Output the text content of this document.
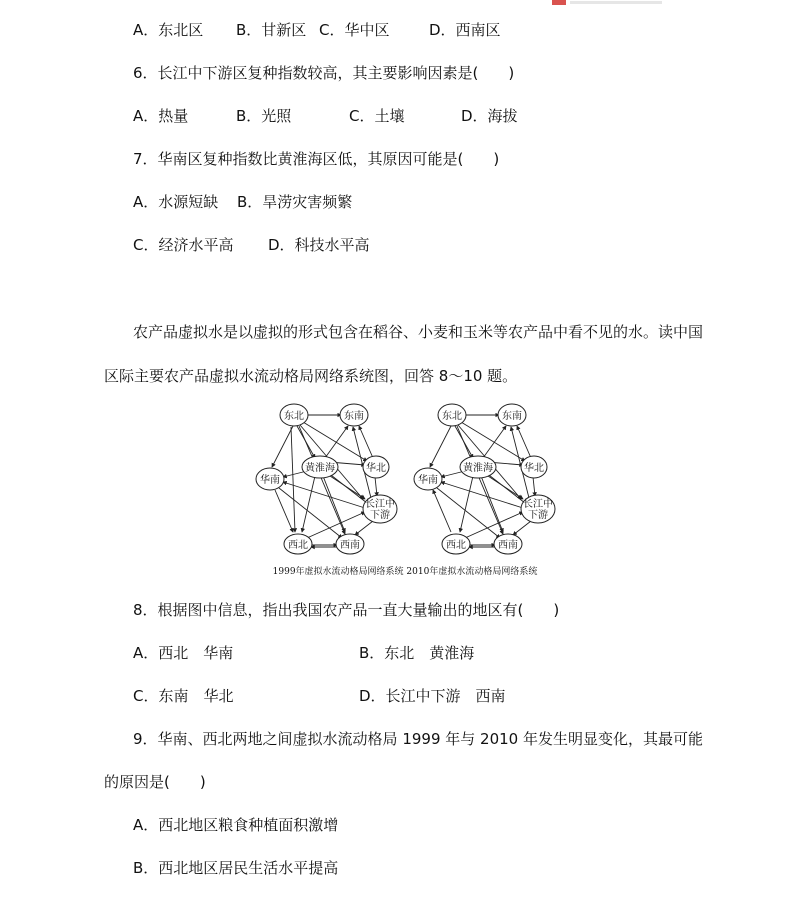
A．东北区 B．甘新区 C．华中区	D．西南区
6．长江中下游区复种指数较高，其主要影响因素是(　　)
A．热量	B．光照	C．土壤	D．海拔
7．华南区复种指数比黄淮海区低，其原因可能是(　　)
A．水源短缺 B．旱涝灾害频繁
C．经济水平高 D．科技水平高
农产品虚拟水是以虚拟的形式包含在稻谷、小麦和玉米等农产品中看不见的水。读中国
区际主要农产品虚拟水流动格局网络系统图，回答 8～10 题。
东北	东南
黄淮海	华北
华南
长江中
下游
西北	西南
东北	东南
黄淮海	华北
华南
长江中
下游
西北	西南
1999年虚拟水流动格局网络系统 2010年虚拟水流动格局网络系统
8．根据图中信息，指出我国农产品一直大量输出的地区有(　　)
A．西北　华南	B．东北　黄淮海
C．东南　华北	D．长江中下游　西南
9．华南、西北两地之间虚拟水流动格局 1999 年与 2010 年发生明显变化，其最可能
的原因是(　　)
A．西北地区粮食种植面积激增
B．西北地区居民生活水平提高
